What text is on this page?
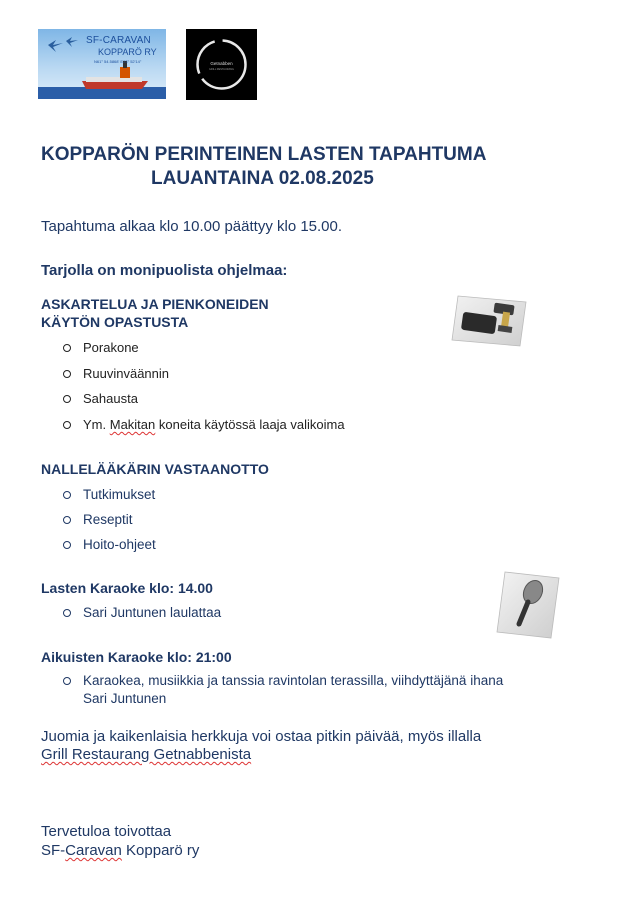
SF-CARAVAN
KOPPARÖ RY
N61° 54.5868' E23° 52'14"	Getnabben
GRILL RESTAURANG
KOPPARÖN PERINTEINEN LASTEN TAPAHTUMA
LAUANTAINA 02.08.2025
Tapahtuma alkaa klo 10.00 päättyy klo 15.00.
Tarjolla on monipuolista ohjelmaa:
ASKARTELUA JA PIENKONEIDEN
KÄYTÖN OPASTUSTA
Porakone
Ruuvinväännin
Sahausta
Ym. Makitan koneita käytössä laaja valikoima
NALLELÄÄKÄRIN VASTAANOTTO
Tutkimukset
Reseptit
Hoito-ohjeet
Lasten Karaoke klo: 14.00
Sari Juntunen laulattaa
Aikuisten Karaoke klo: 21:00
Karaokea, musiikkia ja tanssia ravintolan terassilla, viihdyttäjänä ihana
Sari Juntunen
Juomia ja kaikenlaisia herkkuja voi ostaa pitkin päivää, myös illalla
Grill Restaurang Getnabbenista
Tervetuloa toivottaa
SF-Caravan Kopparö ry
